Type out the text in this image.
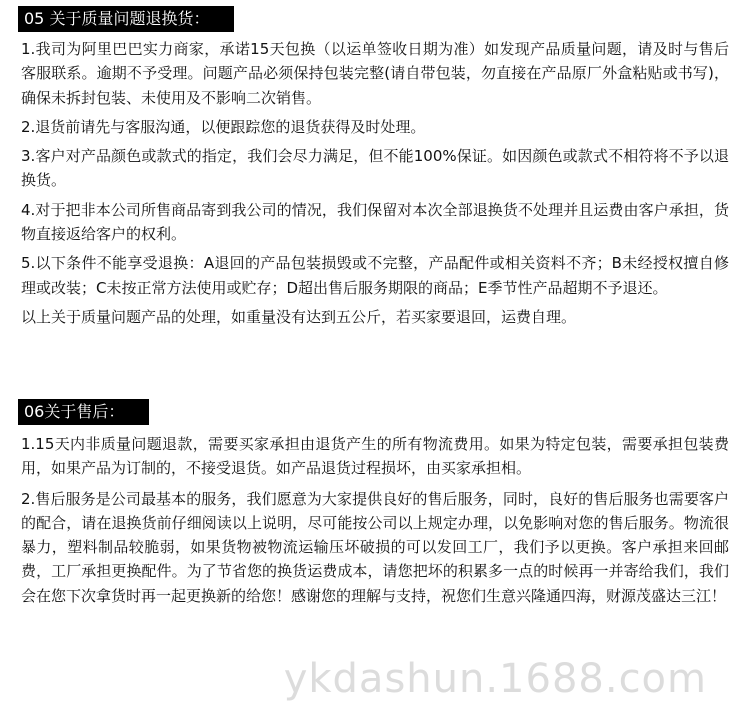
05 关于质量问题退换货：

1.我司为阿里巴巴实力商家，承诺15天包换（以运单签收日期为准）如发现产品质量问题，请及时与售后客服联系。逾期不予受理。问题产品必须保持包装完整(请自带包装，勿直接在产品原厂外盒粘贴或书写)，确保未拆封包装、未使用及不影响二次销售。

2.退货前请先与客服沟通，以便跟踪您的退货获得及时处理。

3.客户对产品颜色或款式的指定，我们会尽力满足，但不能100%保证。如因颜色或款式不相符将不予以退换货。

4.对于把非本公司所售商品寄到我公司的情况，我们保留对本次全部退换货不处理并且运费由客户承担，货物直接返给客户的权利。

5.以下条件不能享受退换：A退回的产品包装损毁或不完整，产品配件或相关资料不齐；B未经授权擅自修理或改装；C未按正常方法使用或贮存；D超出售后服务期限的商品；E季节性产品超期不予退还。

以上关于质量问题产品的处理，如重量没有达到五公斤，若买家要退回，运费自理。

06关于售后：

1.15天内非质量问题退款，需要买家承担由退货产生的所有物流费用。如果为特定包装，需要承担包装费用，如果产品为订制的，不接受退货。如产品退货过程损坏，由买家承担相。

2.售后服务是公司最基本的服务，我们愿意为大家提供良好的售后服务，同时，良好的售后服务也需要客户的配合，请在退换货前仔细阅读以上说明，尽可能按公司以上规定办理，以免影响对您的售后服务。物流很暴力，塑料制品较脆弱，如果货物被物流运输压坏破损的可以发回工厂，我们予以更换。客户承担来回邮费，工厂承担更换配件。为了节省您的换货运费成本，请您把坏的积累多一点的时候再一并寄给我们，我们会在您下次拿货时再一起更换新的给您！感谢您的理解与支持，祝您们生意兴隆通四海，财源茂盛达三江！

ykdashun.1688.com
